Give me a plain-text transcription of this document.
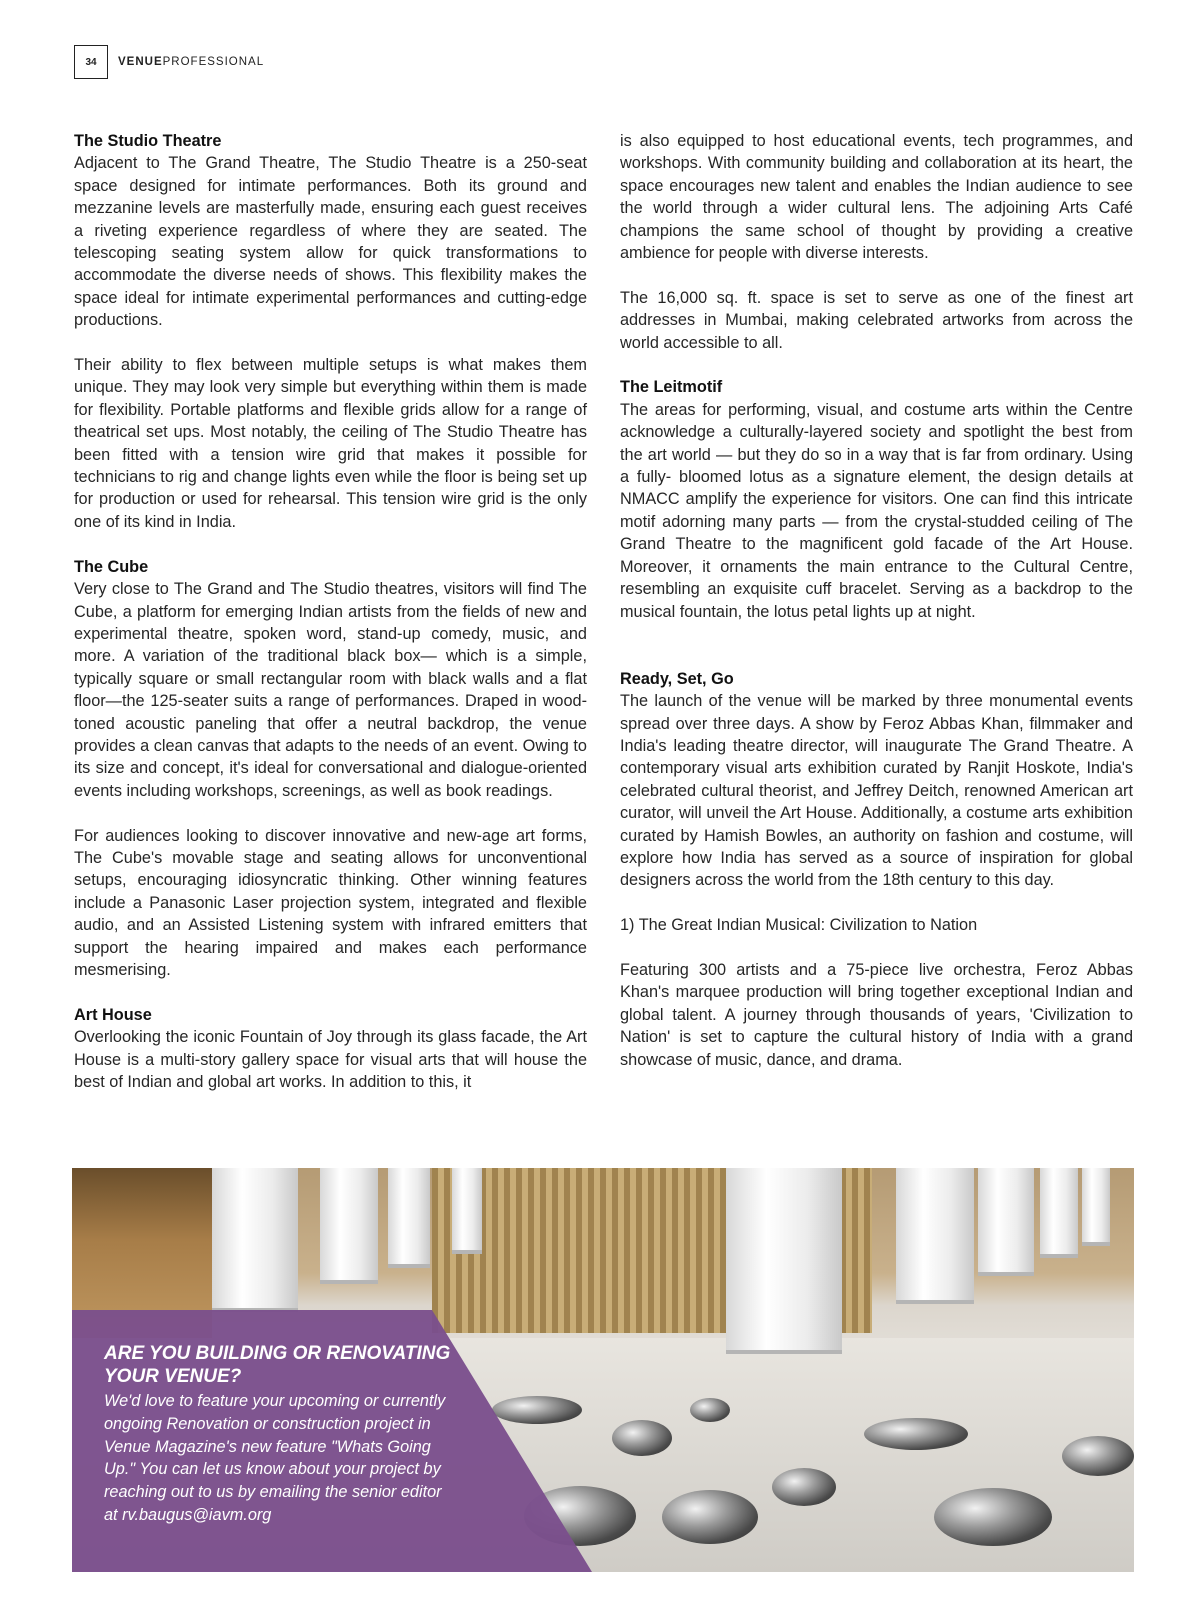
34	VENUEPROFESSIONAL
The Studio Theatre

Adjacent to The Grand Theatre, The Studio Theatre is a 250-seat space designed for intimate performances. Both its ground and mezzanine levels are masterfully made, ensuring each guest receives a riveting experience regardless of where they are seated. The telescoping seating system allow for quick transformations to accommodate the diverse needs of shows. This flexibility makes the space ideal for intimate experimental performances and cutting-edge productions.

Their ability to flex between multiple setups is what makes them unique. They may look very simple but everything within them is made for flexibility. Portable platforms and flexible grids allow for a range of theatrical set ups. Most notably, the ceiling of The Studio Theatre has been fitted with a tension wire grid that makes it possible for technicians to rig and change lights even while the floor is being set up for production or used for rehearsal. This tension wire grid is the only one of its kind in India.

The Cube

Very close to The Grand and The Studio theatres, visitors will find The Cube, a platform for emerging Indian artists from the fields of new and experimental theatre, spoken word, stand-up comedy, music, and more. A variation of the traditional black box— which is a simple, typically square or small rectangular room with black walls and a flat floor—the 125-seater suits a range of performances. Draped in wood-toned acoustic paneling that offer a neutral backdrop, the venue provides a clean canvas that adapts to the needs of an event. Owing to its size and concept, it's ideal for conversational and dialogue-oriented events including workshops, screenings, as well as book readings.

For audiences looking to discover innovative and new-age art forms, The Cube's movable stage and seating allows for unconventional setups, encouraging idiosyncratic thinking. Other winning features include a Panasonic Laser projection system, integrated and flexible audio, and an Assisted Listening system with infrared emitters that support the hearing impaired and makes each performance mesmerising.

Art House

Overlooking the iconic Fountain of Joy through its glass facade, the Art House is a multi-story gallery space for visual arts that will house the best of Indian and global art works. In addition to this, it

is also equipped to host educational events, tech programmes, and workshops. With community building and collaboration at its heart, the space encourages new talent and enables the Indian audience to see the world through a wider cultural lens. The adjoining Arts Café champions the same school of thought by providing a creative ambience for people with diverse interests.

The 16,000 sq. ft. space is set to serve as one of the finest art addresses in Mumbai, making celebrated artworks from across the world accessible to all.

The Leitmotif

The areas for performing, visual, and costume arts within the Centre acknowledge a culturally-layered society and spotlight the best from the art world — but they do so in a way that is far from ordinary. Using a fully- bloomed lotus as a signature element, the design details at NMACC amplify the experience for visitors. One can find this intricate motif adorning many parts — from the crystal-studded ceiling of The Grand Theatre to the magnificent gold facade of the Art House. Moreover, it ornaments the main entrance to the Cultural Centre, resembling an exquisite cuff bracelet. Serving as a backdrop to the musical fountain, the lotus petal lights up at night.

Ready, Set, Go

The launch of the venue will be marked by three monumental events spread over three days. A show by Feroz Abbas Khan, filmmaker and India's leading theatre director, will inaugurate The Grand Theatre. A contemporary visual arts exhibition curated by Ranjit Hoskote, India's celebrated cultural theorist, and Jeffrey Deitch, renowned American art curator, will unveil the Art House. Additionally, a costume arts exhibition curated by Hamish Bowles, an authority on fashion and costume, will explore how India has served as a source of inspiration for global designers across the world from the 18th century to this day.

1) The Great Indian Musical: Civilization to Nation

Featuring 300 artists and a 75-piece live orchestra, Feroz Abbas Khan's marquee production will bring together exceptional Indian and global talent. A journey through thousands of years, 'Civilization to Nation' is set to capture the cultural history of India with a grand showcase of music, dance, and drama.

ARE YOU BUILDING OR RENOVATING YOUR VENUE?
We'd love to feature your upcoming or currently ongoing Renovation or construction project in Venue Magazine's new feature "Whats Going Up." You can let us know about your project by reaching out to us by emailing the senior editor at rv.baugus@iavm.org
